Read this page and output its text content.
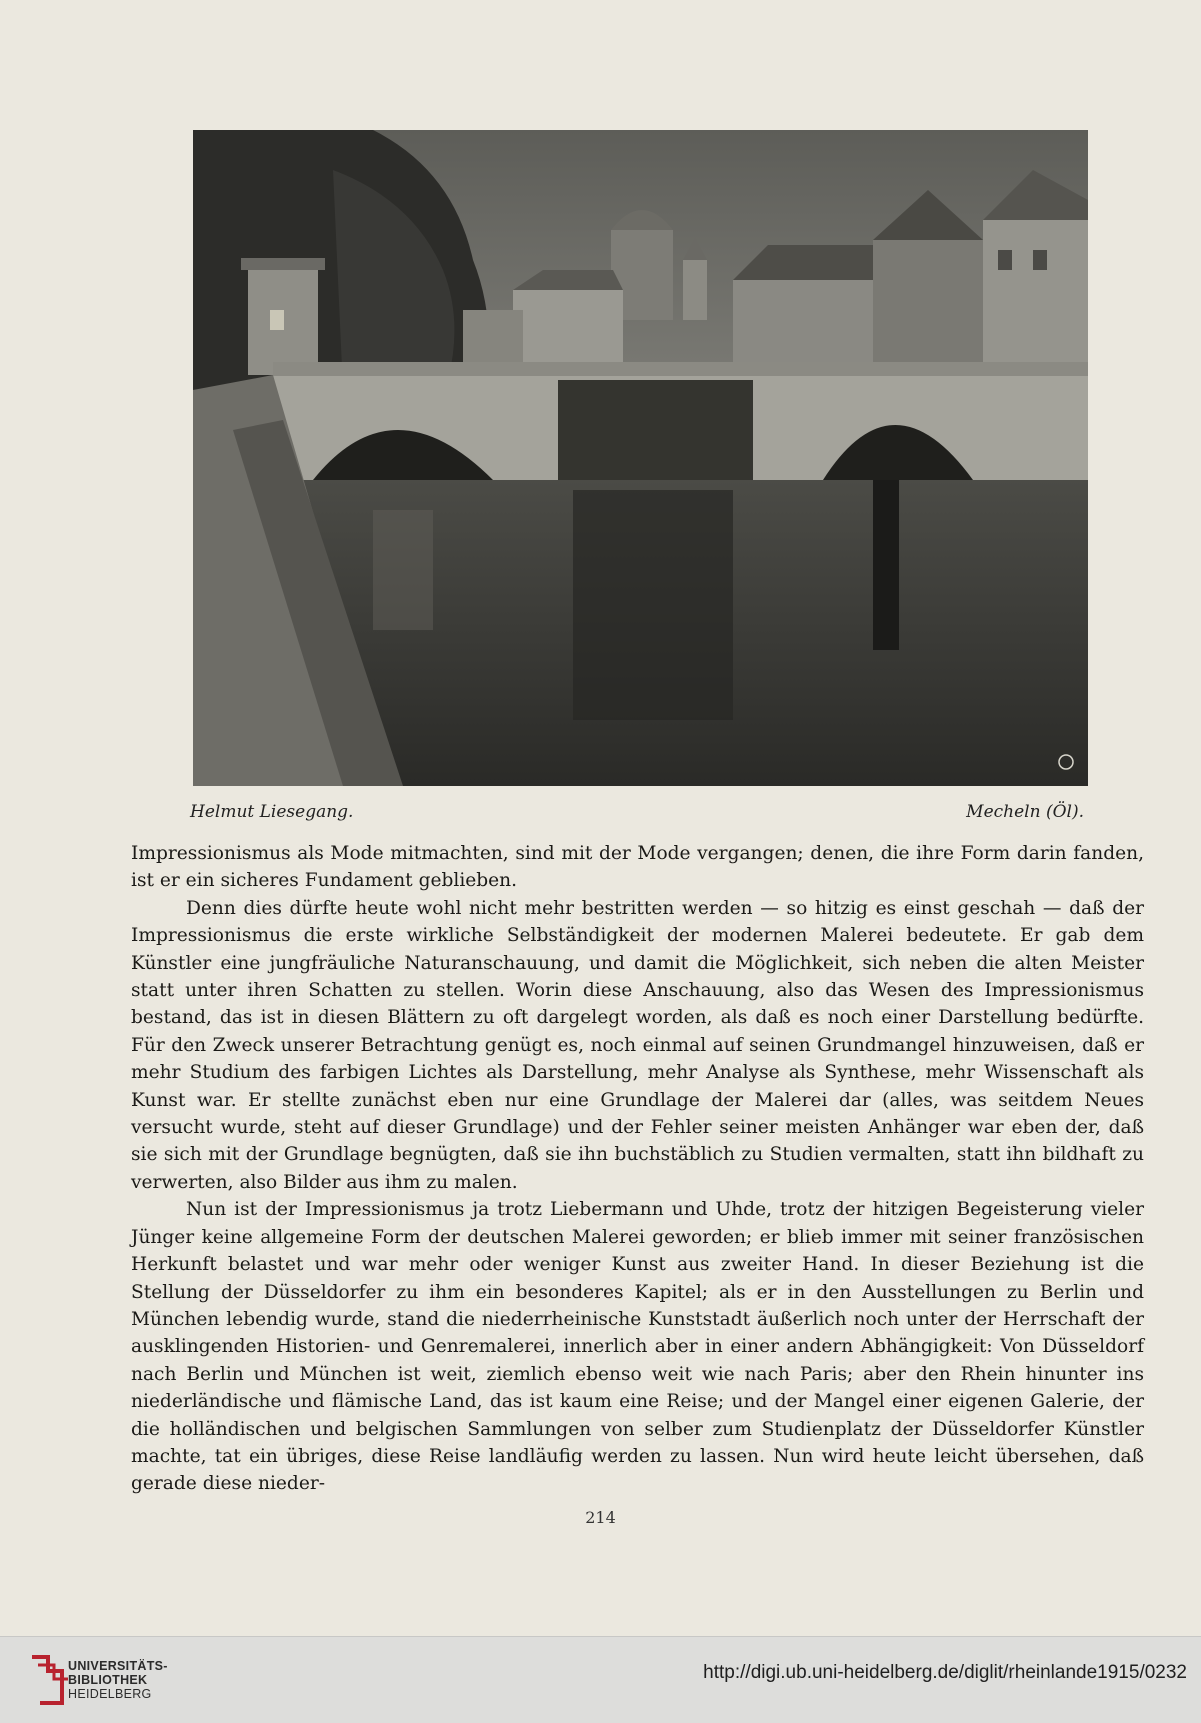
Helmut Liesegang.	Mecheln (Öl).

Impressionismus als Mode mitmachten, sind mit der Mode vergangen; denen, die ihre Form darin fanden, ist er ein sicheres Fundament geblieben.

Denn dies dürfte heute wohl nicht mehr bestritten werden — so hitzig es einst geschah — daß der Impressionismus die erste wirkliche Selbständigkeit der modernen Malerei bedeutete. Er gab dem Künstler eine jungfräuliche Naturanschauung, und damit die Möglichkeit, sich neben die alten Meister statt unter ihren Schatten zu stellen. Worin diese Anschauung, also das Wesen des Impressionismus bestand, das ist in diesen Blättern zu oft dargelegt worden, als daß es noch einer Darstellung bedürfte. Für den Zweck unserer Betrachtung genügt es, noch einmal auf seinen Grundmangel hinzuweisen, daß er mehr Studium des farbigen Lichtes als Darstellung, mehr Analyse als Synthese, mehr Wissenschaft als Kunst war. Er stellte zunächst eben nur eine Grundlage der Malerei dar (alles, was seitdem Neues versucht wurde, steht auf dieser Grundlage) und der Fehler seiner meisten Anhänger war eben der, daß sie sich mit der Grundlage begnügten, daß sie ihn buchstäblich zu Studien vermalten, statt ihn bildhaft zu verwerten, also Bilder aus ihm zu malen.

Nun ist der Impressionismus ja trotz Liebermann und Uhde, trotz der hitzigen Begeisterung vieler Jünger keine allgemeine Form der deutschen Malerei geworden; er blieb immer mit seiner französischen Herkunft belastet und war mehr oder weniger Kunst aus zweiter Hand. In dieser Beziehung ist die Stellung der Düsseldorfer zu ihm ein besonderes Kapitel; als er in den Ausstellungen zu Berlin und München lebendig wurde, stand die niederrheinische Kunststadt äußerlich noch unter der Herrschaft der ausklingenden Historien- und Genremalerei, innerlich aber in einer andern Abhängigkeit: Von Düsseldorf nach Berlin und München ist weit, ziemlich ebenso weit wie nach Paris; aber den Rhein hinunter ins niederländische und flämische Land, das ist kaum eine Reise; und der Mangel einer eigenen Galerie, der die holländischen und belgischen Sammlungen von selber zum Studienplatz der Düsseldorfer Künstler machte, tat ein übriges, diese Reise landläufig werden zu lassen. Nun wird heute leicht übersehen, daß gerade diese nieder-

214
UNIVERSITÄTS-
BIBLIOTHEK
HEIDELBERG
http://digi.ub.uni-heidelberg.de/diglit/rheinlande1915/0232
